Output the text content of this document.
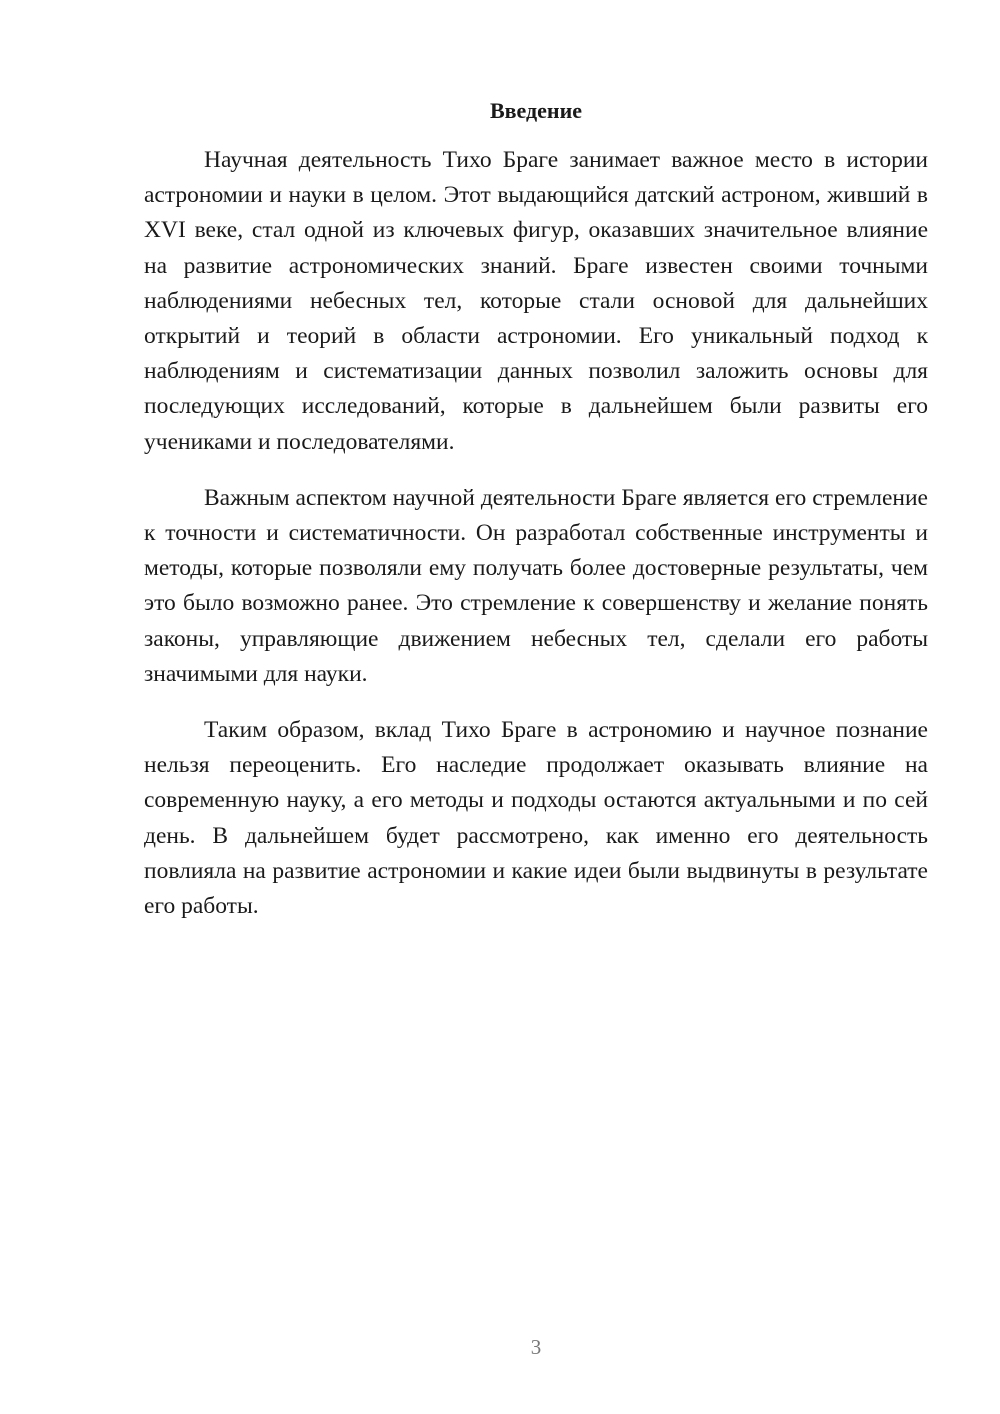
Введение

Научная деятельность Тихо Браге занимает важное место в истории астрономии и науки в целом. Этот выдающийся датский астроном, живший в XVI веке, стал одной из ключевых фигур, оказавших значительное влияние на развитие астрономических знаний. Браге известен своими точными наблюдениями небесных тел, которые стали основой для дальнейших открытий и теорий в области астрономии. Его уникальный подход к наблюдениям и систематизации данных позволил заложить основы для последующих исследований, которые в дальнейшем были развиты его учениками и последователями.

Важным аспектом научной деятельности Браге является его стремление к точности и систематичности. Он разработал собственные инструменты и методы, которые позволяли ему получать более достоверные результаты, чем это было возможно ранее. Это стремление к совершенству и желание понять законы, управляющие движением небесных тел, сделали его работы значимыми для науки.

Таким образом, вклад Тихо Браге в астрономию и научное познание нельзя переоценить. Его наследие продолжает оказывать влияние на современную науку, а его методы и подходы остаются актуальными и по сей день. В дальнейшем будет рассмотрено, как именно его деятельность повлияла на развитие астрономии и какие идеи были выдвинуты в результате его работы.

3
